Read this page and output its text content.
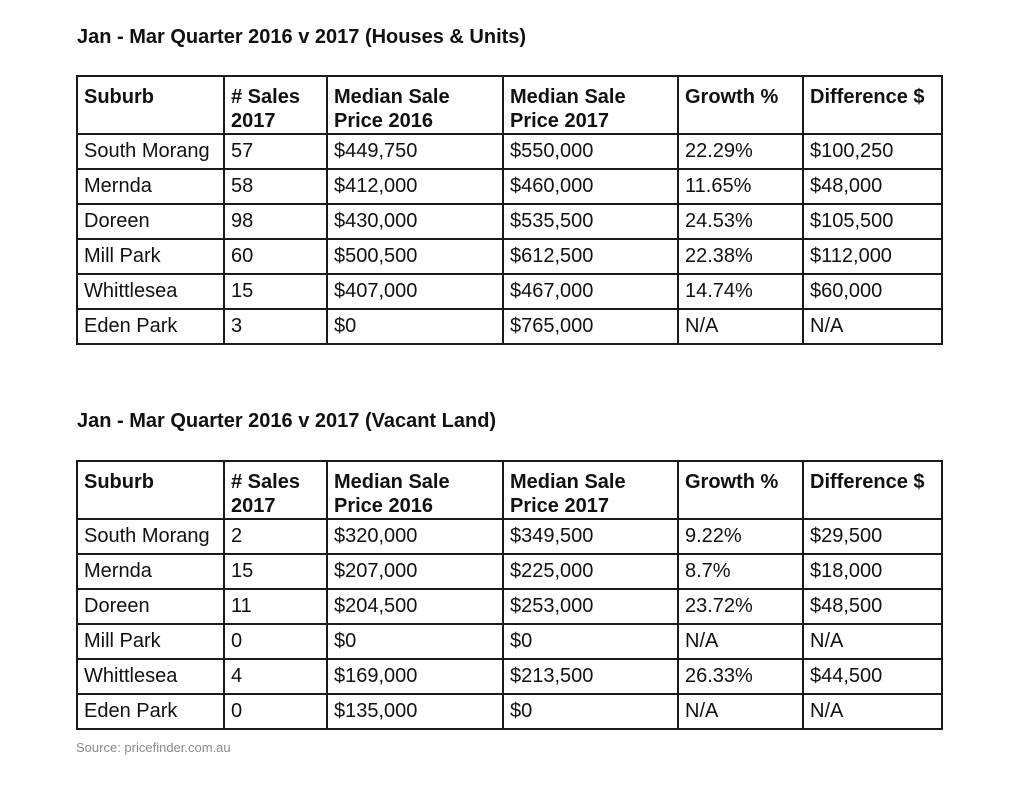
Jan - Mar Quarter 2016 v 2017 (Houses & Units)
Suburb	# Sales 2017	Median Sale Price 2016	Median Sale Price 2017	Growth %	Difference $
South Morang	57	$449,750	$550,000	22.29%	$100,250
Mernda	58	$412,000	$460,000	11.65%	$48,000
Doreen	98	$430,000	$535,500	24.53%	$105,500
Mill Park	60	$500,500	$612,500	22.38%	$112,000
Whittlesea	15	$407,000	$467,000	14.74%	$60,000
Eden Park	3	$0	$765,000	N/A	N/A
Jan - Mar Quarter 2016 v 2017 (Vacant Land)
Suburb	# Sales 2017	Median Sale Price 2016	Median Sale Price 2017	Growth %	Difference $
South Morang	2	$320,000	$349,500	9.22%	$29,500
Mernda	15	$207,000	$225,000	8.7%	$18,000
Doreen	11	$204,500	$253,000	23.72%	$48,500
Mill Park	0	$0	$0	N/A	N/A
Whittlesea	4	$169,000	$213,500	26.33%	$44,500
Eden Park	0	$135,000	$0	N/A	N/A
Source: pricefinder.com.au
